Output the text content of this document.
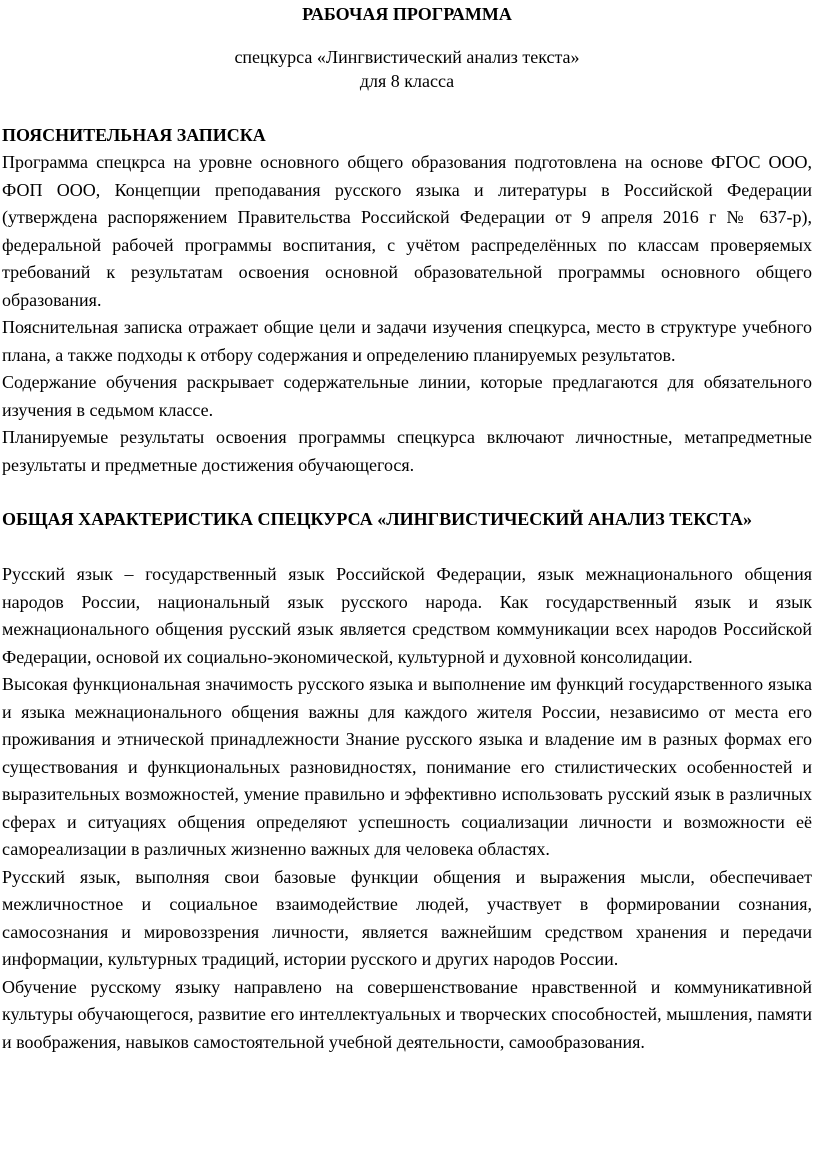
РАБОЧАЯ ПРОГРАММА

спецкурса «Лингвистический анализ текста»

для 8 класса

ПОЯСНИТЕЛЬНАЯ ЗАПИСКА

Программа спецкрса на уровне основного общего образования подготовлена на основе ФГОС ООО, ФОП ООО, Концепции преподавания русского языка и литературы в Российской Федерации (утверждена распоряжением Правительства Российской Федерации от 9 апреля 2016 г № 637-р), федеральной рабочей программы воспитания, с учётом распределённых по классам проверяемых требований к результатам освоения основной образовательной программы основного общего образования.

Пояснительная записка отражает общие цели и задачи изучения спецкурса, место в структуре учебного плана, а также подходы к отбору содержания и определению планируемых результатов.

Содержание обучения раскрывает содержательные линии, которые предлагаются для обязательного изучения в седьмом классе.

Планируемые результаты освоения программы спецкурса включают личностные, метапредметные результаты и предметные достижения обучающегося.

ОБЩАЯ ХАРАКТЕРИСТИКА СПЕЦКУРСА «ЛИНГВИСТИЧЕСКИЙ АНАЛИЗ ТЕКСТА»

Русский язык – государственный язык Российской Федерации, язык межнационального общения народов России, национальный язык русского народа. Как государственный язык и язык межнационального общения русский язык является средством коммуникации всех народов Российской Федерации, основой их социально-экономической, культурной и духовной консолидации.

Высокая функциональная значимость русского языка и выполнение им функций государственного языка и языка межнационального общения важны для каждого жителя России, независимо от места его проживания и этнической принадлежности Знание русского языка и владение им в разных формах его существования и функциональных разновидностях, понимание его стилистических особенностей и выразительных возможностей, умение правильно и эффективно использовать русский язык в различных сферах и ситуациях общения определяют успешность социализации личности и возможности её самореализации в различных жизненно важных для человека областях.

Русский язык, выполняя свои базовые функции общения и выражения мысли, обеспечивает межличностное и социальное взаимодействие людей, участвует в формировании сознания, самосознания и мировоззрения личности, является важнейшим средством хранения и передачи информации, культурных традиций, истории русского и других народов России.

Обучение русскому языку направлено на совершенствование нравственной и коммуникативной культуры обучающегося, развитие его интеллектуальных и творческих способностей, мышления, памяти и воображения, навыков самостоятельной учебной деятельности, самообразования.
